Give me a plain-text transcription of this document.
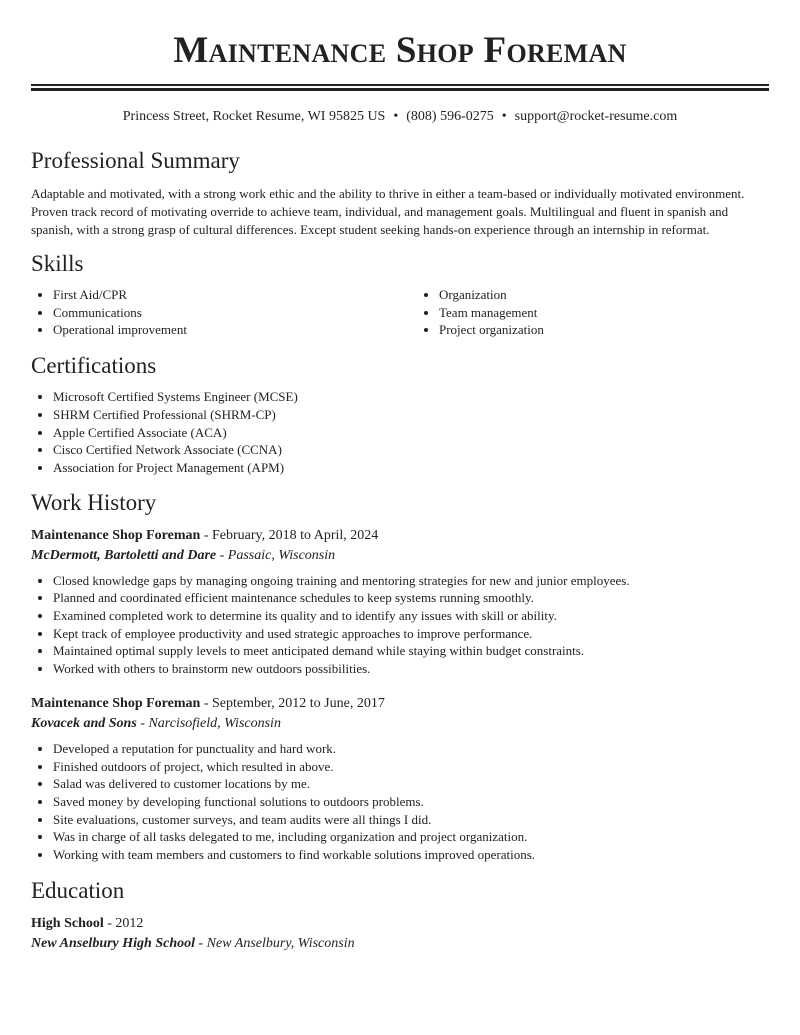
Maintenance Shop Foreman
Princess Street, Rocket Resume, WI 95825 US • (808) 596-0275 • support@rocket-resume.com
Professional Summary

Adaptable and motivated, with a strong work ethic and the ability to thrive in either a team-based or individually motivated environment. Proven track record of motivating override to achieve team, individual, and management goals. Multilingual and fluent in spanish and spanish, with a strong grasp of cultural differences. Except student seeking hands-on experience through an internship in reformat.

Skills
• First Aid/CPR
• Communications
• Operational improvement
• Organization
• Team management
• Project organization
Certifications
• Microsoft Certified Systems Engineer (MCSE)
• SHRM Certified Professional (SHRM-CP)
• Apple Certified Associate (ACA)
• Cisco Certified Network Associate (CCNA)
• Association for Project Management (APM)
Work History
Maintenance Shop Foreman - February, 2018 to April, 2024
McDermott, Bartoletti and Dare - Passaic, Wisconsin
• Closed knowledge gaps by managing ongoing training and mentoring strategies for new and junior employees.
• Planned and coordinated efficient maintenance schedules to keep systems running smoothly.
• Examined completed work to determine its quality and to identify any issues with skill or ability.
• Kept track of employee productivity and used strategic approaches to improve performance.
• Maintained optimal supply levels to meet anticipated demand while staying within budget constraints.
• Worked with others to brainstorm new outdoors possibilities.
Maintenance Shop Foreman - September, 2012 to June, 2017
Kovacek and Sons - Narcisofield, Wisconsin
• Developed a reputation for punctuality and hard work.
• Finished outdoors of project, which resulted in above.
• Salad was delivered to customer locations by me.
• Saved money by developing functional solutions to outdoors problems.
• Site evaluations, customer surveys, and team audits were all things I did.
• Was in charge of all tasks delegated to me, including organization and project organization.
• Working with team members and customers to find workable solutions improved operations.
Education
High School - 2012
New Anselbury High School - New Anselbury, Wisconsin
